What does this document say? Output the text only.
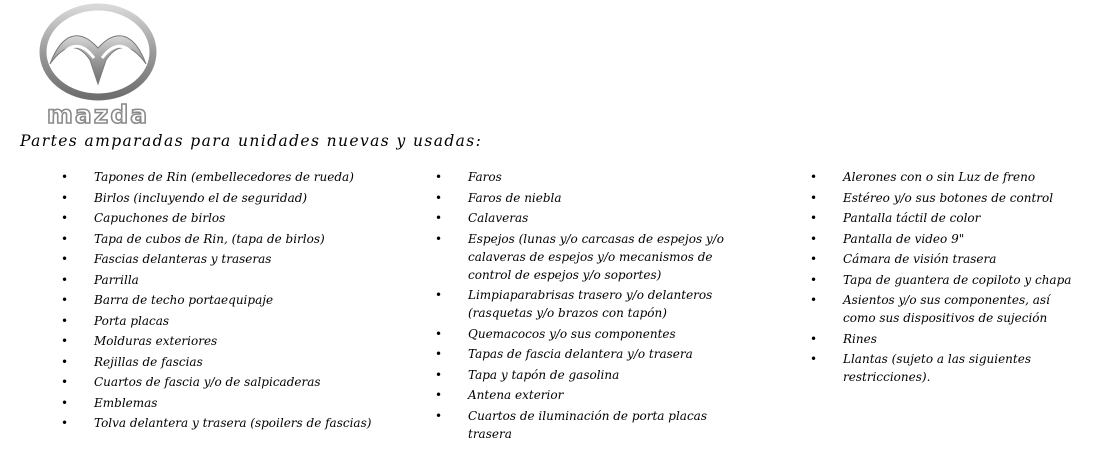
mazda
Partes amparadas para unidades nuevas y usadas:
• Tapones de Rin (embellecedores de rueda)
• Birlos (incluyendo el de seguridad)
• Capuchones de birlos
• Tapa de cubos de Rin, (tapa de birlos)
• Fascias delanteras y traseras
• Parrilla
• Barra de techo portaequipaje
• Porta placas
• Molduras exteriores
• Rejillas de fascias
• Cuartos de fascia y/o de salpicaderas
• Emblemas
• Tolva delantera y trasera (spoilers de fascias)
• Faros
• Faros de niebla
• Calaveras
• Espejos (lunas y/o carcasas de espejos y/o calaveras de espejos y/o mecanismos de control de espejos y/o soportes)
• Limpiaparabrisas trasero y/o delanteros (rasquetas y/o brazos con tapón)
• Quemacocos y/o sus componentes
• Tapas de fascia delantera y/o trasera
• Tapa y tapón de gasolina
• Antena exterior
• Cuartos de iluminación de porta placas trasera
• Alerones con o sin Luz de freno
• Estéreo y/o sus botones de control
• Pantalla táctil de color
• Pantalla de video 9"
• Cámara de visión trasera
• Tapa de guantera de copiloto y chapa
• Asientos y/o sus componentes, así como sus dispositivos de sujeción
• Rines
• Llantas (sujeto a las siguientes restricciones).
